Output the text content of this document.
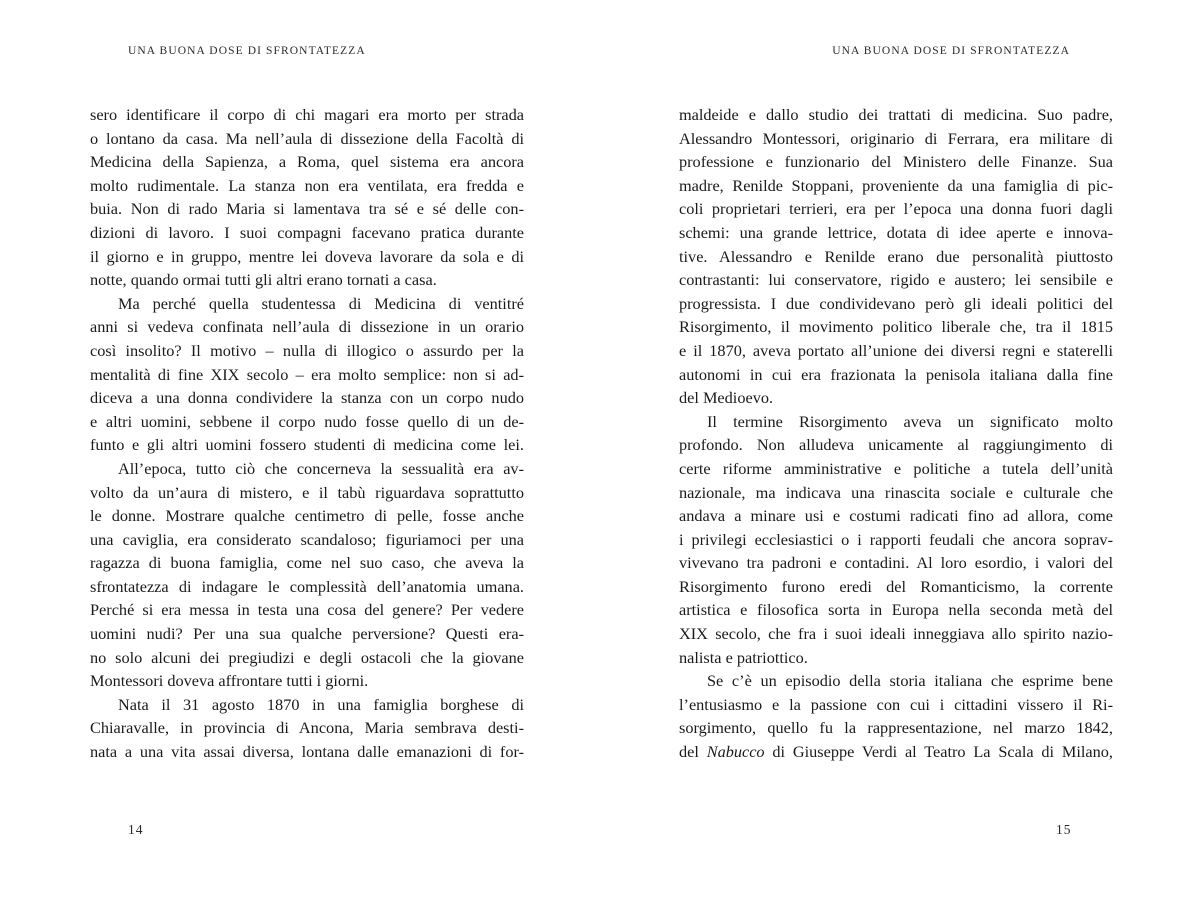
UNA BUONA DOSE DI SFRONTATEZZA
sero identificare il corpo di chi magari era morto per strada
o lontano da casa. Ma nell’aula di dissezione della Facoltà di
Medicina della Sapienza, a Roma, quel sistema era ancora
molto rudimentale. La stanza non era ventilata, era fredda e
buia. Non di rado Maria si lamentava tra sé e sé delle con-
dizioni di lavoro. I suoi compagni facevano pratica durante
il giorno e in gruppo, mentre lei doveva lavorare da sola e di
notte, quando ormai tutti gli altri erano tornati a casa.
Ma perché quella studentessa di Medicina di ventitré
anni si vedeva confinata nell’aula di dissezione in un orario
così insolito? Il motivo – nulla di illogico o assurdo per la
mentalità di fine XIX secolo – era molto semplice: non si ad-
diceva a una donna condividere la stanza con un corpo nudo
e altri uomini, sebbene il corpo nudo fosse quello di un de-
funto e gli altri uomini fossero studenti di medicina come lei.
All’epoca, tutto ciò che concerneva la sessualità era av-
volto da un’aura di mistero, e il tabù riguardava soprattutto
le donne. Mostrare qualche centimetro di pelle, fosse anche
una caviglia, era considerato scandaloso; figuriamoci per una
ragazza di buona famiglia, come nel suo caso, che aveva la
sfrontatezza di indagare le complessità dell’anatomia umana.
Perché si era messa in testa una cosa del genere? Per vedere
uomini nudi? Per una sua qualche perversione? Questi era-
no solo alcuni dei pregiudizi e degli ostacoli che la giovane
Montessori doveva affrontare tutti i giorni.
Nata il 31 agosto 1870 in una famiglia borghese di
Chiaravalle, in provincia di Ancona, Maria sembrava desti-
nata a una vita assai diversa, lontana dalle emanazioni di for-
14
UNA BUONA DOSE DI SFRONTATEZZA
maldeide e dallo studio dei trattati di medicina. Suo padre,
Alessandro Montessori, originario di Ferrara, era militare di
professione e funzionario del Ministero delle Finanze. Sua
madre, Renilde Stoppani, proveniente da una famiglia di pic-
coli proprietari terrieri, era per l’epoca una donna fuori dagli
schemi: una grande lettrice, dotata di idee aperte e innova-
tive. Alessandro e Renilde erano due personalità piuttosto
contrastanti: lui conservatore, rigido e austero; lei sensibile e
progressista. I due condividevano però gli ideali politici del
Risorgimento, il movimento politico liberale che, tra il 1815
e il 1870, aveva portato all’unione dei diversi regni e staterelli
autonomi in cui era frazionata la penisola italiana dalla fine
del Medioevo.
Il termine Risorgimento aveva un significato molto
profondo. Non alludeva unicamente al raggiungimento di
certe riforme amministrative e politiche a tutela dell’unità
nazionale, ma indicava una rinascita sociale e culturale che
andava a minare usi e costumi radicati fino ad allora, come
i privilegi ecclesiastici o i rapporti feudali che ancora soprav-
vivevano tra padroni e contadini. Al loro esordio, i valori del
Risorgimento furono eredi del Romanticismo, la corrente
artistica e filosofica sorta in Europa nella seconda metà del
XIX secolo, che fra i suoi ideali inneggiava allo spirito nazio-
nalista e patriottico.
Se c’è un episodio della storia italiana che esprime bene
l’entusiasmo e la passione con cui i cittadini vissero il Ri-
sorgimento, quello fu la rappresentazione, nel marzo 1842,
del Nabucco di Giuseppe Verdi al Teatro La Scala di Milano,
15
